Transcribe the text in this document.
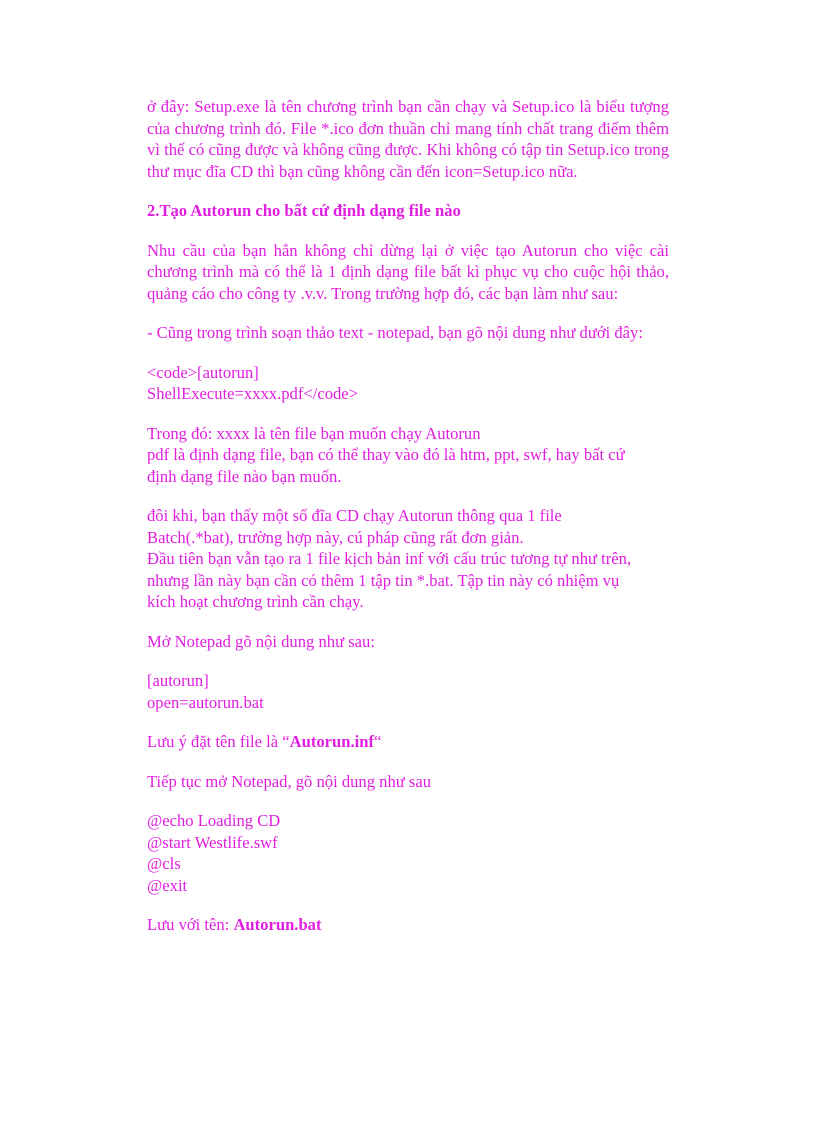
ở đây: Setup.exe là tên chương trình bạn cần chạy và Setup.ico là biểu tượng của chương trình đó. File *.ico đơn thuần chỉ mang tính chất trang điểm thêm vì thế có cũng được và không cũng được. Khi không có tập tin Setup.ico trong thư mục đĩa CD thì bạn cũng không cần đến icon=Setup.ico nữa.

2.Tạo Autorun cho bất cứ định dạng file nào

Nhu cầu của bạn hẳn không chỉ dừng lại ở việc tạo Autorun cho việc cài chương trình mà có thể là 1 định dạng file bất kì phục vụ cho cuộc hội thảo, quảng cáo cho công ty .v.v. Trong trường hợp đó, các bạn làm như sau:

- Cũng trong trình soạn thảo text - notepad, bạn gõ nội dung như dưới đây:

<code>[autorun]
ShellExecute=xxxx.pdf</code>
Trong đó: xxxx là tên file bạn muốn chạy Autorun
pdf là định dạng file, bạn có thể thay vào đó là htm, ppt, swf, hay bất cứ
định dạng file nào bạn muốn.
đôi khi, bạn thấy một số đĩa CD chạy Autorun thông qua 1 file
Batch(.*bat), trường hợp này, cú pháp cũng rất đơn giản.
Đầu tiên bạn vẫn tạo ra 1 file kịch bản inf với cấu trúc tương tự như trên,
nhưng lần này bạn cần có thêm 1 tập tin *.bat. Tập tin này có nhiệm vụ
kích hoạt chương trình cần chạy.

Mở Notepad gõ nội dung như sau:

[autorun]
open=autorun.bat

Lưu ý đặt tên file là “Autorun.inf“

Tiếp tục mở Notepad, gõ nội dung như sau

@echo Loading CD
@start Westlife.swf
@cls
@exit

Lưu với tên: Autorun.bat
